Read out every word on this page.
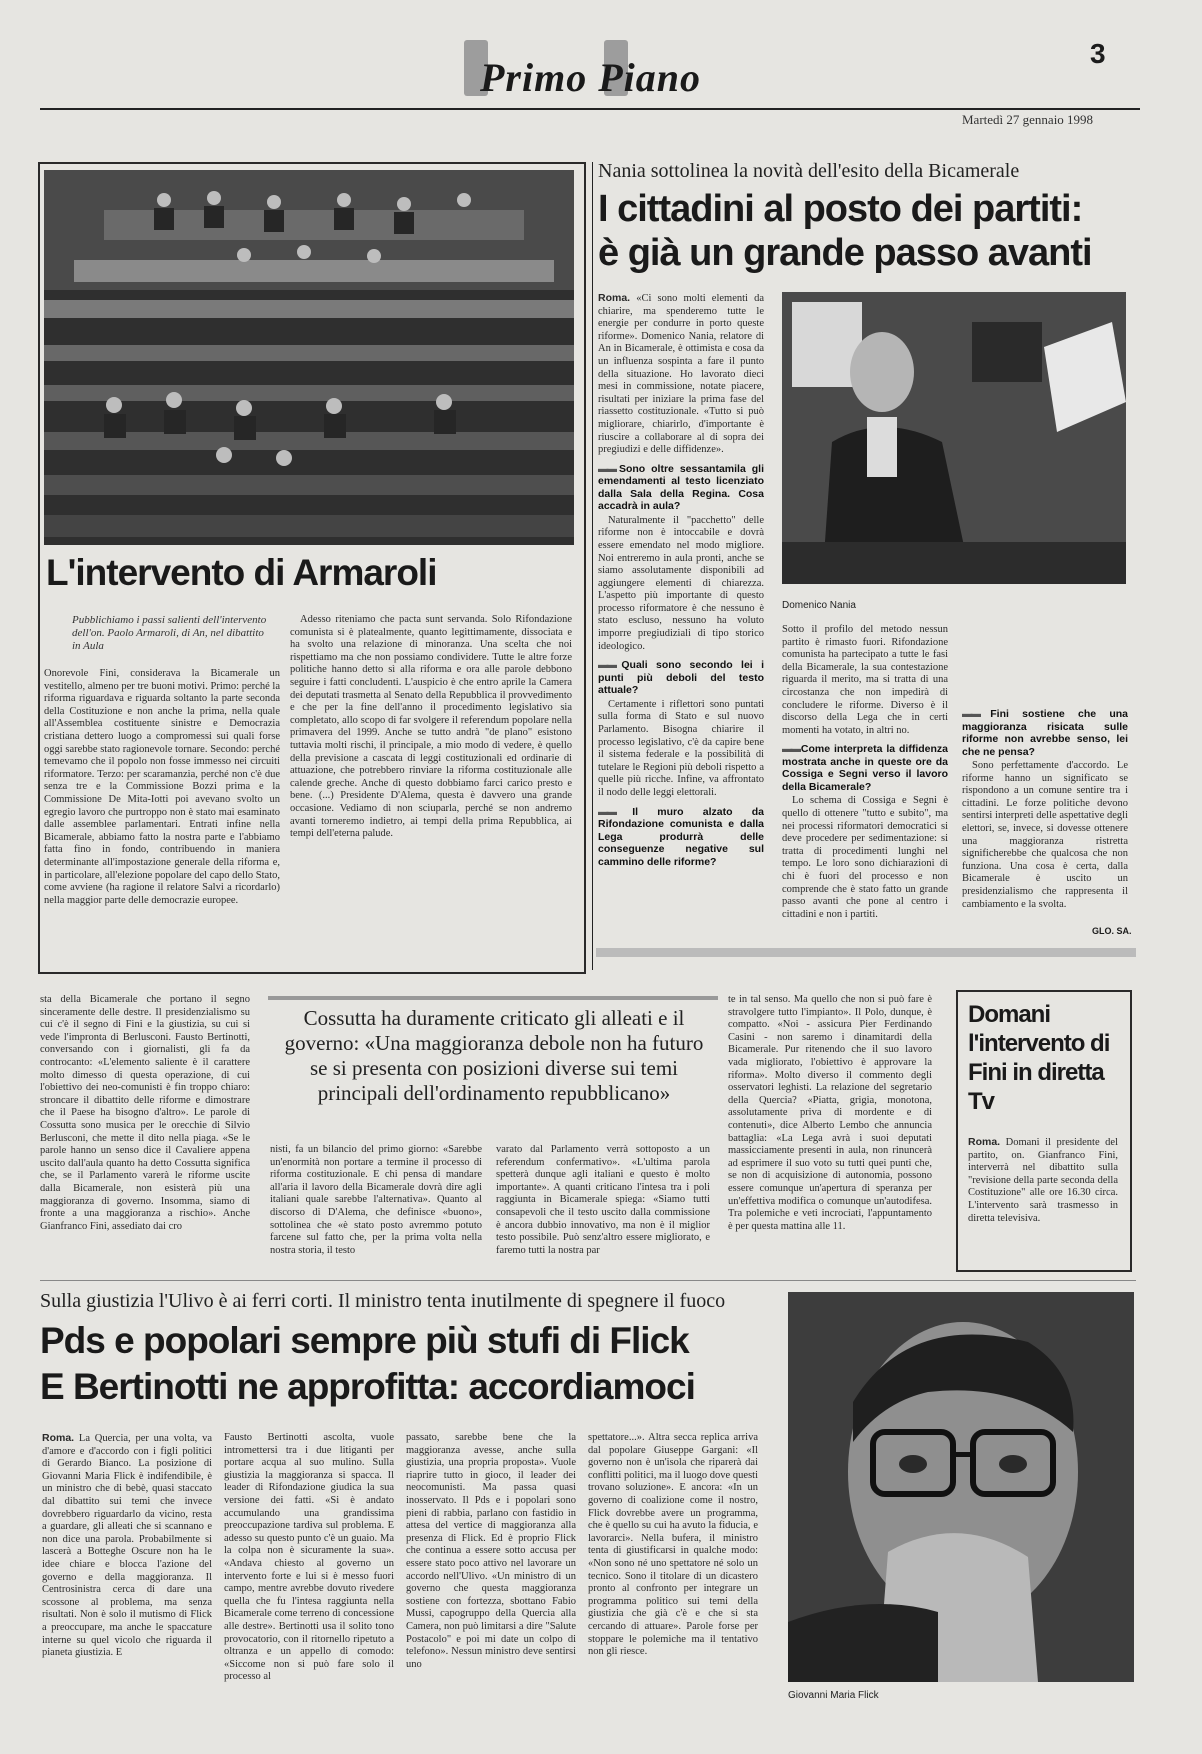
Primo Piano
3
Martedì 27 gennaio 1998
L'intervento di Armaroli
Pubblichiamo i passi salienti dell'intervento dell'on. Paolo Armaroli, di An, nel dibattito in Aula

Onorevole Fini, considerava la Bicamerale un vestitello, almeno per tre buoni motivi. Primo: perché la riforma riguardava e riguarda soltanto la parte seconda della Costituzione e non anche la prima, nella quale all'Assemblea costituente sinistre e Democrazia cristiana dettero luogo a compromessi sui quali forse oggi sarebbe stato ragionevole tornare. Secondo: perché temevamo che il popolo non fosse immesso nei circuiti riformatore. Terzo: per scaramanzia, perché non c'è due senza tre e la Commissione Bozzi prima e la Commissione De Mita-Iotti poi avevano svolto un egregio lavoro che purtroppo non è stato mai esaminato dalle assemblee parlamentari. Entrati infine nella Bicamerale, abbiamo fatto la nostra parte e l'abbiamo fatta fino in fondo, contribuendo in maniera determinante all'impostazione generale della riforma e, in particolare, all'elezione popolare del capo dello Stato, come avviene (ha ragione il relatore Salvi a ricordarlo) nella maggior parte delle democrazie europee.

Adesso riteniamo che pacta sunt servanda. Solo Rifondazione comunista si è platealmente, quanto legittimamente, dissociata e ha svolto una relazione di minoranza. Una scelta che noi rispettiamo ma che non possiamo condividere. Tutte le altre forze politiche hanno detto sì alla riforma e ora alle parole debbono seguire i fatti concludenti. L'auspicio è che entro aprile la Camera dei deputati trasmetta al Senato della Repubblica il provvedimento e che per la fine dell'anno il procedimento legislativo sia completato, allo scopo di far svolgere il referendum popolare nella primavera del 1999. Anche se tutto andrà "de plano" esistono tuttavia molti rischi, il principale, a mio modo di vedere, è quello della previsione a cascata di leggi costituzionali ed ordinarie di attuazione, che potrebbero rinviare la riforma costituzionale alle calende greche. Anche di questo dobbiamo farci carico presto e bene. (...) Presidente D'Alema, questa è davvero una grande occasione. Vediamo di non sciuparla, perché se non andremo avanti torneremo indietro, ai tempi della prima Repubblica, ai tempi dell'eterna palude.

Nania sottolinea la novità dell'esito della Bicamerale
I cittadini al posto dei partiti:
è già un grande passo avanti

Roma. «Ci sono molti elementi da chiarire, ma spenderemo tutte le energie per condurre in porto queste riforme». Domenico Nania, relatore di An in Bicamerale, è ottimista e cosa da un influenza sospinta a fare il punto della situazione. Ho lavorato dieci mesi in commissione, notate piacere, risultati per iniziare la prima fase del riassetto costituzionale. «Tutto si può migliorare, chiarirlo, d'importante è riuscire a collaborare al di sopra dei pregiudizi e delle diffidenze».

▬▬ Sono oltre sessantamila gli emendamenti al testo licenziato dalla Sala della Regina. Cosa accadrà in aula?

Naturalmente il "pacchetto" delle riforme non è intoccabile e dovrà essere emendato nel modo migliore. Noi entreremo in aula pronti, anche se siamo assolutamente disponibili ad aggiungere elementi di chiarezza. L'aspetto più importante di questo processo riformatore è che nessuno è stato escluso, nessuno ha voluto imporre pregiudiziali di tipo storico ideologico.

▬▬ Quali sono secondo lei i punti più deboli del testo attuale?

Certamente i riflettori sono puntati sulla forma di Stato e sul nuovo Parlamento. Bisogna chiarire il processo legislativo, c'è da capire bene il sistema federale e la possibilità di tutelare le Regioni più deboli rispetto a quelle più ricche. Infine, va affrontato il nodo delle leggi elettorali.

▬▬ Il muro alzato da Rifondazione comunista e dalla Lega produrrà delle conseguenze negative sul cammino delle riforme?
Domenico Nania

Sotto il profilo del metodo nessun partito è rimasto fuori. Rifondazione comunista ha partecipato a tutte le fasi della Bicamerale, la sua contestazione riguarda il merito, ma si tratta di una circostanza che non impedirà di concludere le riforme. Diverso è il discorso della Lega che in certi momenti ha votato, in altri no.

▬▬ Come interpreta la diffidenza mostrata anche in queste ore da Cossiga e Segni verso il lavoro della Bicamerale?

Lo schema di Cossiga e Segni è quello di ottenere "tutto e subito", ma nei processi riformatori democratici si deve procedere per sedimentazione: si tratta di procedimenti lunghi nel tempo. Le loro sono dichiarazioni di chi è fuori del processo e non comprende che è stato fatto un grande passo avanti che pone al centro i cittadini e non i partiti.

▬▬ Fini sostiene che una maggioranza risicata sulle riforme non avrebbe senso, lei che ne pensa?

Sono perfettamente d'accordo. Le riforme hanno un significato se rispondono a un comune sentire tra i cittadini. Le forze politiche devono sentirsi interpreti delle aspettative degli elettori, se, invece, si dovesse ottenere una maggioranza ristretta significherebbe che qualcosa che non funziona. Una cosa è certa, dalla Bicamerale è uscito un presidenzialismo che rappresenta il cambiamento e la svolta.

GLO. SA.

sta della Bicamerale che portano il segno sinceramente delle destre. Il presidenzialismo su cui c'è il segno di Fini e la giustizia, su cui si vede l'impronta di Berlusconi. Fausto Bertinotti, conversando con i giornalisti, gli fa da controcanto: «L'elemento saliente è il carattere molto dimesso di questa operazione, di cui l'obiettivo dei neo-comunisti è fin troppo chiaro: stroncare il dibattito delle riforme e dimostrare che il Paese ha bisogno d'altro». Le parole di Cossutta sono musica per le orecchie di Silvio Berlusconi, che mette il dito nella piaga. «Se le parole hanno un senso dice il Cavaliere appena uscito dall'aula quanto ha detto Cossutta significa che, se il Parlamento varerà le riforme uscite dalla Bicamerale, non esisterà più una maggioranza di governo. Insomma, siamo di fronte a una maggioranza a rischio». Anche Gianfranco Fini, assediato dai cro

Cossutta ha duramente criticato gli alleati e il governo: «Una maggioranza debole non ha futuro se si presenta con posizioni diverse sui temi principali dell'ordinamento repubblicano»

nisti, fa un bilancio del primo giorno: «Sarebbe un'enormità non portare a termine il processo di riforma costituzionale. E chi pensa di mandare all'aria il lavoro della Bicamerale dovrà dire agli italiani quale sarebbe l'alternativa». Quanto al discorso di D'Alema, che definisce «buono», sottolinea che «è stato posto avremmo potuto farcene sul fatto che, per la prima volta nella nostra storia, il testo

varato dal Parlamento verrà sottoposto a un referendum confermativo». «L'ultima parola spetterà dunque agli italiani e questo è molto importante». A quanti criticano l'intesa tra i poli raggiunta in Bicamerale spiega: «Siamo tutti consapevoli che il testo uscito dalla commissione è ancora dubbio innovativo, ma non è il miglior testo possibile. Può senz'altro essere migliorato, e faremo tutti la nostra par

te in tal senso. Ma quello che non si può fare è stravolgere tutto l'impianto». Il Polo, dunque, è compatto. «Noi - assicura Pier Ferdinando Casini - non saremo i dinamitardi della Bicamerale. Pur ritenendo che il suo lavoro vada migliorato, l'obiettivo è approvare la riforma». Molto diverso il commento degli osservatori leghisti. La relazione del segretario della Quercia? «Piatta, grigia, monotona, assolutamente priva di mordente e di contenuti», dice Alberto Lembo che annuncia battaglia: «La Lega avrà i suoi deputati massicciamente presenti in aula, non rinuncerà ad esprimere il suo voto su tutti quei punti che, se non di acquisizione di autonomia, possono essere comunque un'apertura di speranza per un'effettiva modifica o comunque un'autodifesa. Tra polemiche e veti incrociati, l'appuntamento è per questa mattina alle 11.

Domani l'intervento di Fini in diretta Tv

Roma. Domani il presidente del partito, on. Gianfranco Fini, interverrà nel dibattito sulla "revisione della parte seconda della Costituzione" alle ore 16.30 circa. L'intervento sarà trasmesso in diretta televisiva.

Sulla giustizia l'Ulivo è ai ferri corti. Il ministro tenta inutilmente di spegnere il fuoco
Pds e popolari sempre più stufi di Flick
E Bertinotti ne approfitta: accordiamoci

Roma. La Quercia, per una volta, va d'amore e d'accordo con i figli politici di Gerardo Bianco. La posizione di Giovanni Maria Flick è indifendibile, è un ministro che di bebè, quasi staccato dal dibattito sui temi che invece dovrebbero riguardarlo da vicino, resta a guardare, gli alleati che si scannano e non dice una parola. Probabilmente si lascerà a Botteghe Oscure non ha le idee chiare e blocca l'azione del governo e della maggioranza. Il Centrosinistra cerca di dare una scossone al problema, ma senza risultati. Non è solo il mutismo di Flick a preoccupare, ma anche le spaccature interne su quel vicolo che riguarda il pianeta giustizia. E

Fausto Bertinotti ascolta, vuole intromettersi tra i due litiganti per portare acqua al suo mulino. Sulla giustizia la maggioranza si spacca. Il leader di Rifondazione giudica la sua versione dei fatti. «Si è andato accumulando una grandissima preoccupazione tardiva sul problema. E adesso su questo punto c'è un guaio. Ma la colpa non è sicuramente la sua». «Andava chiesto al governo un intervento forte e lui si è messo fuori campo, mentre avrebbe dovuto rivedere quella che fu l'intesa raggiunta nella Bicamerale come terreno di concessione alle destre». Bertinotti usa il solito tono provocatorio, con il ritornello ripetuto a oltranza e un appello di comodo: «Siccome non si può fare solo il processo al

passato, sarebbe bene che la maggioranza avesse, anche sulla giustizia, una propria proposta». Vuole riaprire tutto in gioco, il leader dei neocomunisti. Ma passa quasi inosservato. Il Pds e i popolari sono pieni di rabbia, parlano con fastidio in attesa del vertice di maggioranza alla presenza di Flick. Ed è proprio Flick che continua a essere sotto accusa per essere stato poco attivo nel lavorare un accordo nell'Ulivo. «Un ministro di un governo che questa maggioranza sostiene con fortezza, sbottano Fabio Mussi, capogruppo della Quercia alla Camera, non può limitarsi a dire "Salute Postacolo" e poi mi date un colpo di telefono». Nessun ministro deve sentirsi uno

spettatore...». Altra secca replica arriva dal popolare Giuseppe Gargani: «Il governo non è un'isola che riparerà dai conflitti politici, ma il luogo dove questi trovano soluzione». E ancora: «In un governo di coalizione come il nostro, Flick dovrebbe avere un programma, che è quello su cui ha avuto la fiducia, e lavorarci». Nella bufera, il ministro tenta di giustificarsi in qualche modo: «Non sono né uno spettatore né solo un tecnico. Sono il titolare di un dicastero pronto al confronto per integrare un programma politico sui temi della giustizia che già c'è e che si sta cercando di attuare». Parole forse per stoppare le polemiche ma il tentativo non gli riesce.

Giovanni Maria Flick
